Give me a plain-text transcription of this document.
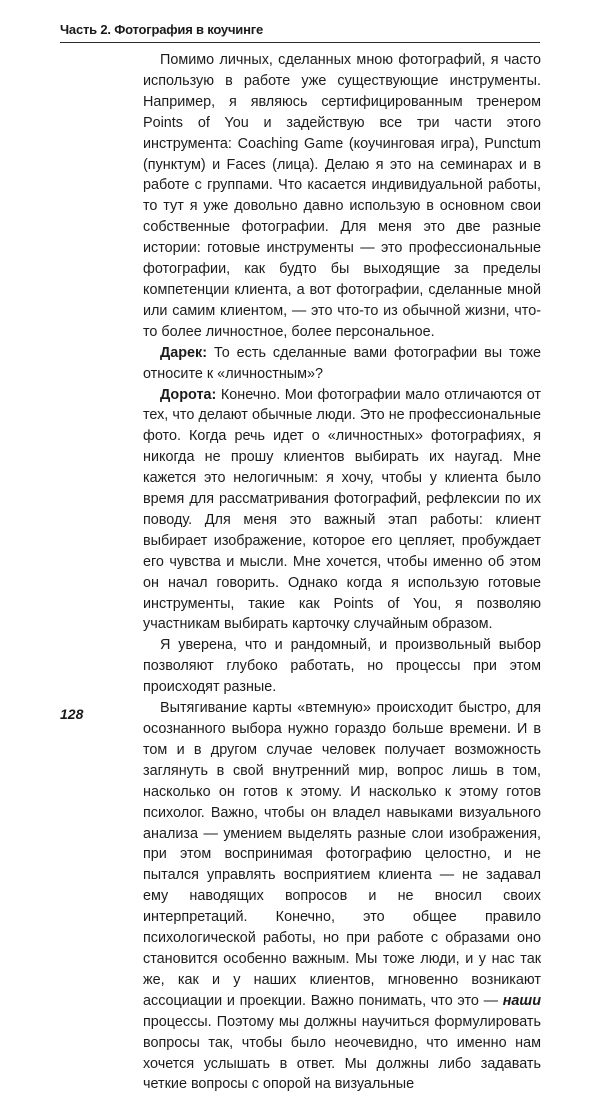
Часть 2. Фотография в коучинге

Помимо личных, сделанных мною фотографий, я часто использую в работе уже существующие инструменты. Например, я являюсь сертифицированным тренером Points of You и задействую все три части этого инструмента: Coaching Game (коучинговая игра), Punctum (пунктум) и Faces (лица). Делаю я это на семинарах и в работе с группами. Что касается индивидуальной работы, то тут я уже довольно давно использую в основном свои собственные фотографии. Для меня это две разные истории: готовые инструменты — это профессиональные фотографии, как будто бы выходящие за пределы компетенции клиента, а вот фотографии, сделанные мной или самим клиентом, — это что-то из обычной жизни, что-то более личностное, более персональное.

Дарек: То есть сделанные вами фотографии вы тоже относите к «личностным»?

Дорота: Конечно. Мои фотографии мало отличаются от тех, что делают обычные люди. Это не профессиональные фото. Когда речь идет о «личностных» фотографиях, я никогда не прошу клиентов выбирать их наугад. Мне кажется это нелогичным: я хочу, чтобы у клиента было время для рассматривания фотографий, рефлексии по их поводу. Для меня это важный этап работы: клиент выбирает изображение, которое его цепляет, пробуждает его чувства и мысли. Мне хочется, чтобы именно об этом он начал говорить. Однако когда я использую готовые инструменты, такие как Points of You, я позволяю участникам выбирать карточку случайным образом.

Я уверена, что и рандомный, и произвольный выбор позволяют глубоко работать, но процессы при этом происходят разные.

Вытягивание карты «втемную» происходит быстро, для осознанного выбора нужно гораздо больше времени. И в том и в другом случае человек получает возможность заглянуть в свой внутренний мир, вопрос лишь в том, насколько он готов к этому. И насколько к этому готов психолог. Важно, чтобы он владел навыками визуального анализа — умением выделять разные слои изображения, при этом воспринимая фотографию целостно, и не пытался управлять восприятием клиента — не задавал ему наводящих вопросов и не вносил своих интерпретаций. Конечно, это общее правило психологической работы, но при работе с образами оно становится особенно важным. Мы тоже люди, и у нас так же, как и у наших клиентов, мгновенно возникают ассоциации и проекции. Важно понимать, что это — наши процессы. Поэтому мы должны научиться формулировать вопросы так, чтобы было неочевидно, что именно нам хочется услышать в ответ. Мы должны либо задавать четкие вопросы с опорой на визуальные

128
